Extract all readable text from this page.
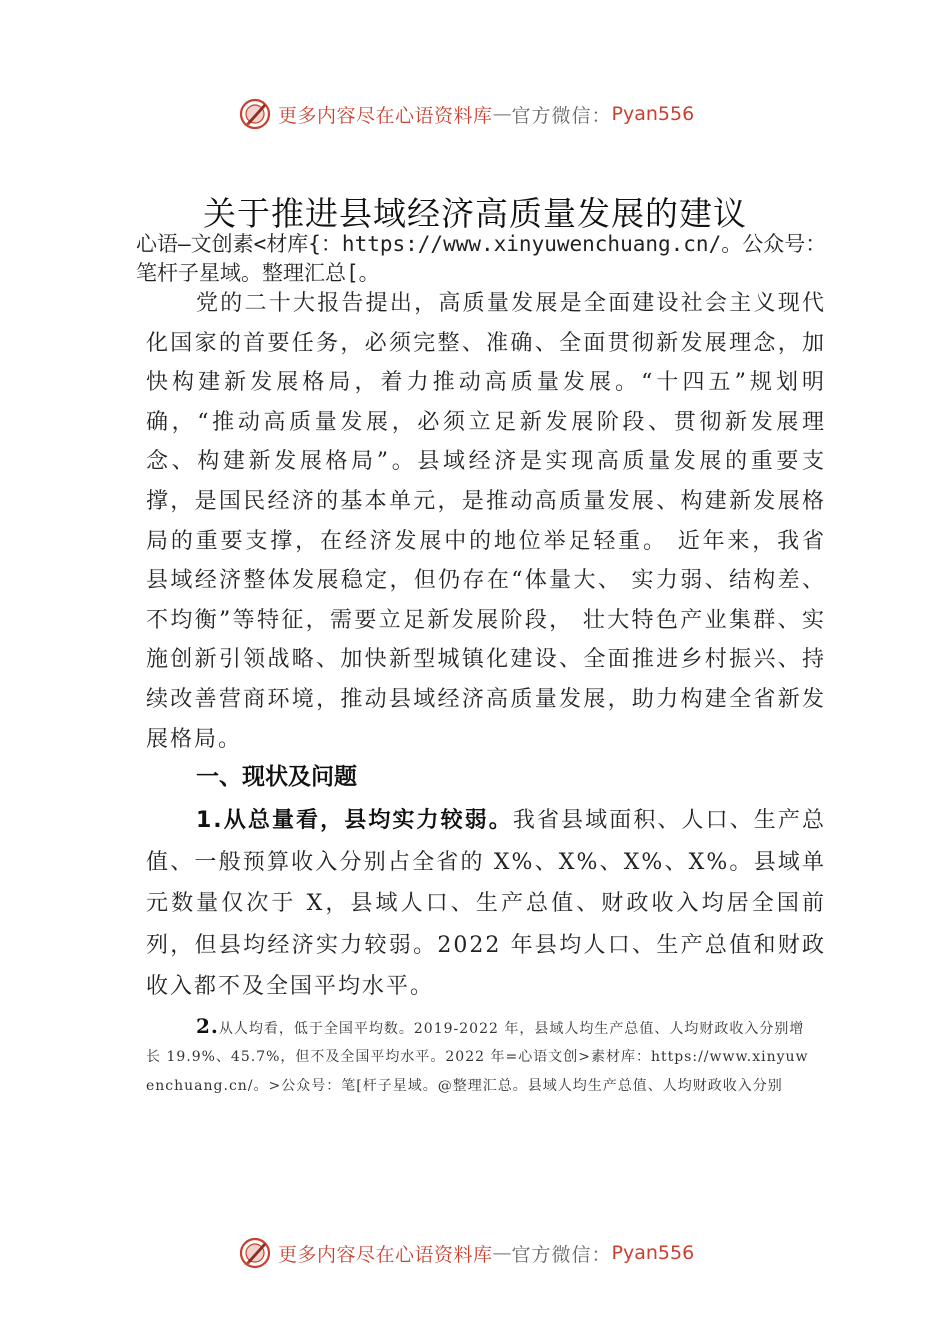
更多内容尽在心语资料库 — 官方微信： Pyan556
关于推进县域经济高质量发展的建议

心语—文创素<材库{：https://www.xinyuwenchuang.cn/。公众号：笔杆子星域。整理汇总[。

党的二十大报告提出，高质量发展是全面建设社会主义现代化国家的首要任务，必须完整、准确、全面贯彻新发展理念，加快构建新发展格局，着力推动高质量发展。“十四五”规划明确，“推动高质量发展，必须立足新发展阶段、贯彻新发展理念、构建新发展格局”。县域经济是实现高质量发展的重要支撑，是国民经济的基本单元，是推动高质量发展、构建新发展格局的重要支撑，在经济发展中的地位举足轻重。 近年来，我省县域经济整体发展稳定，但仍存在“体量大、 实力弱、结构差、不均衡”等特征，需要立足新发展阶段， 壮大特色产业集群、实施创新引领战略、加快新型城镇化建设、全面推进乡村振兴、持续改善营商环境，推动县域经济高质量发展，助力构建全省新发展格局。

一、现状及问题

1.从总量看，县均实力较弱。我省县域面积、人口、生产总值、一般预算收入分别占全省的 X%、X%、X%、X%。县域单元数量仅次于 X，县域人口、生产总值、财政收入均居全国前列，但县均经济实力较弱。2022 年县均人口、生产总值和财政收入都不及全国平均水平。

2.从人均看，低于全国平均数。2019-2022 年，县域人均生产总值、人均财政收入分别增长 19.9%、45.7%，但不及全国平均水平。2022 年=心语文创>素材库：https://www.xinyuwenchuang.cn/。>公众号：笔[杆子星域。@整理汇总。县域人均生产总值、人均财政收入分别

更多内容尽在心语资料库 — 官方微信： Pyan556
